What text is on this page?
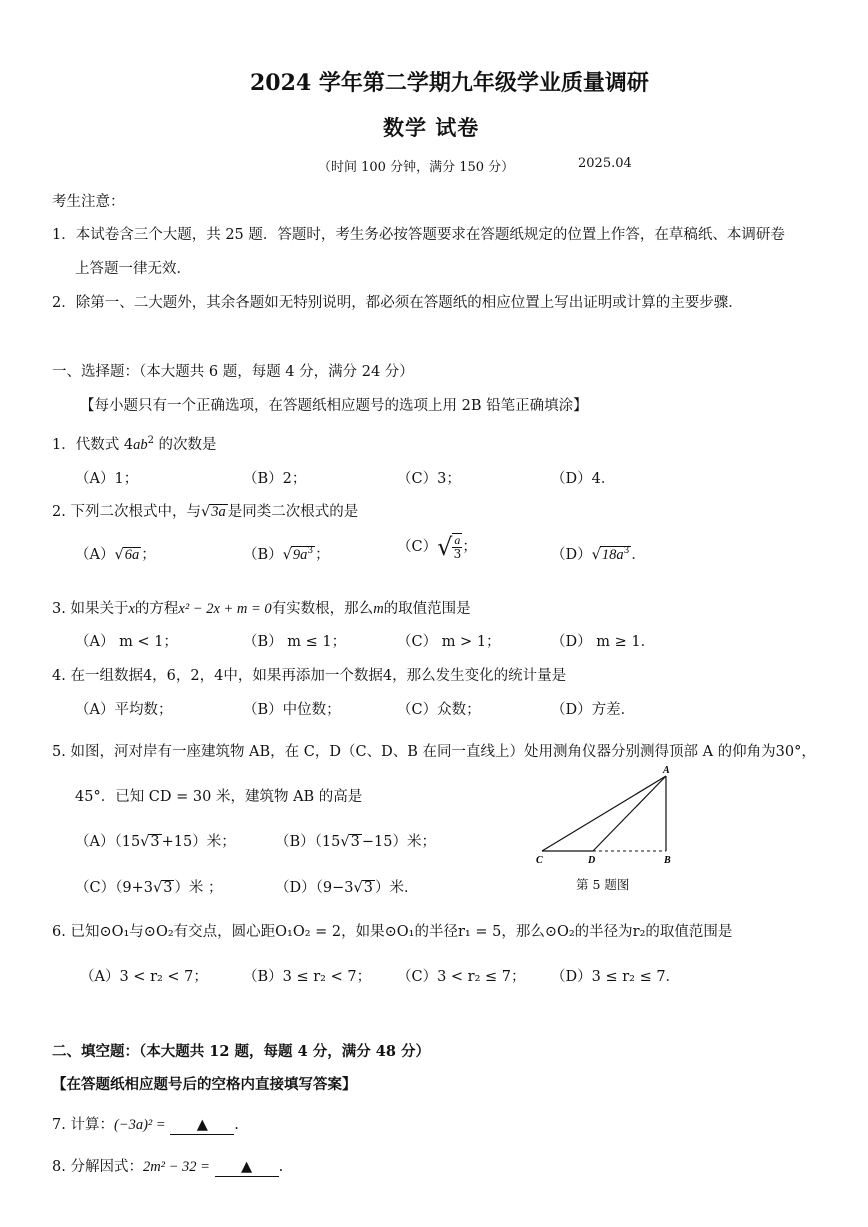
2024 学年第二学期九年级学业质量调研
数学 试卷
（时间 100 分钟，满分 150 分）	2025.04
考生注意：
1．本试卷含三个大题，共 25 题．答题时，考生务必按答题要求在答题纸规定的位置上作答，在草稿纸、本调研卷
上答题一律无效．
2．除第一、二大题外，其余各题如无特别说明，都必须在答题纸的相应位置上写出证明或计算的主要步骤．
一、选择题：（本大题共 6 题，每题 4 分，满分 24 分）
【每小题只有一个正确选项，在答题纸相应题号的选项上用 2B 铅笔正确填涂】
1．代数式 $4ab^2$ 的次数是
（A）1；	（B）2；	（C）3；	（D）4．
2. 下列二次根式中，与√3a 是同类二次根式的是
（A）√6a ；	$(B)√9a^3$ ；	$(C)√ \frac{a}{3}$ ；	$(D)√18a^3$ ．
3. 如果关于x的方程x² − 2x + m = 0有实数根，那么m的取值范围是
（A） m < 1；	（B） m ≤ 1；	（C） m > 1；	（D） m ≥ 1．
4. 在一组数据4，6，2，4中，如果再添加一个数据4，那么发生变化的统计量是
（A）平均数；	（B）中位数；	（C）众数；	（D）方差．
5. 如图，河对岸有一座建筑物 AB，在 C，D（C、D、B 在同一直线上）处用测角仪器分别测得顶部 A 的仰角为30°，
45°．已知 CD = 30 米，建筑物 AB 的高是
（A）（15√3 +15）米；	（B）（15√3 −15）米；
（C）（9+3√3 ）米 ；	（D）（9−3√3 ）米．
A
B
C	D
第 5 题图
6. 已知⊙O₁与⊙O₂有交点，圆心距O₁O₂ = 2，如果⊙O₁的半径r₁ = 5，那么⊙O₂的半径为r₂的取值范围是
（A）3 < r₂ < 7； （B）3 ≤ r₂ < 7； （C）3 < r₂ ≤ 7； （D）3 ≤ r₂ ≤ 7．
二、填空题：（本大题共 12 题，每题 4 分，满分 48 分）
【在答题纸相应题号后的空格内直接填写答案】
7. 计算：(−3a)² = ▲ .
8. 分解因式：2m² − 32 = ▲ .
